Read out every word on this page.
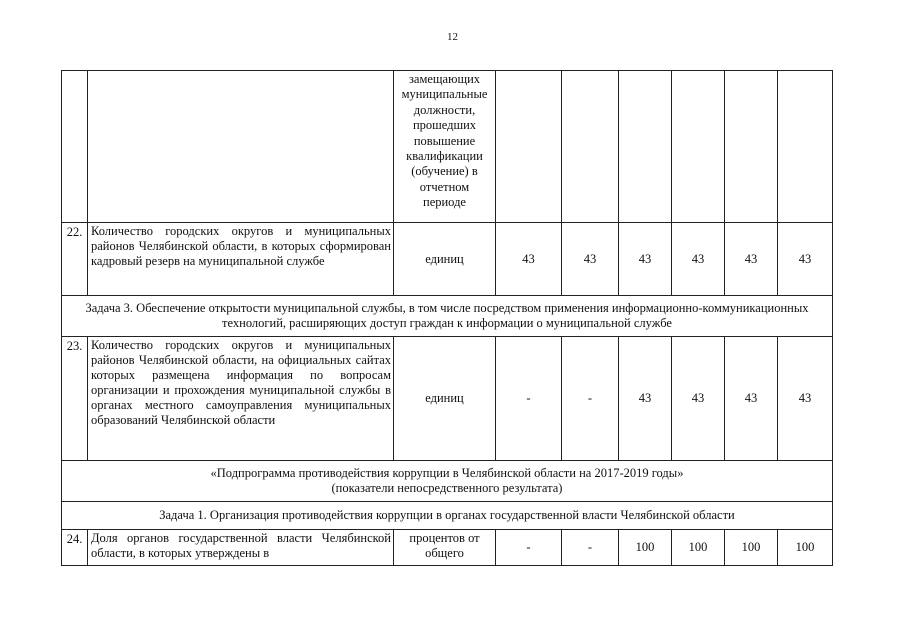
12
		замещающих муниципальные должности, прошедших повышение квалификации (обучение) в отчетном периоде						
22.	Количество городских округов и муниципальных районов Челябинской области, в которых сформирован кадровый резерв на муниципальной службе	единиц	43	43	43	43	43	43
Задача 3. Обеспечение открытости муниципальной службы, в том числе посредством применения информационно-коммуникационных технологий, расширяющих доступ граждан к информации о муниципальной службе								
23.	Количество городских округов и муниципальных районов Челябинской области, на официальных сайтах которых размещена информация по вопросам организации и прохождения муниципальной службы в органах местного самоуправления муниципальных образований Челябинской области	единиц	-	-	43	43	43	43

«Подпрограмма противодействия коррупции в Челябинской области на 2017-2019 годы»
(показатели непосредственного результата)								

Задача 1. Организация противодействия коррупции в органах государственной власти Челябинской области								
24.	Доля органов государственной власти Челябинской области, в которых утверждены в	процентов от общего	-	-	100	100	100	100
